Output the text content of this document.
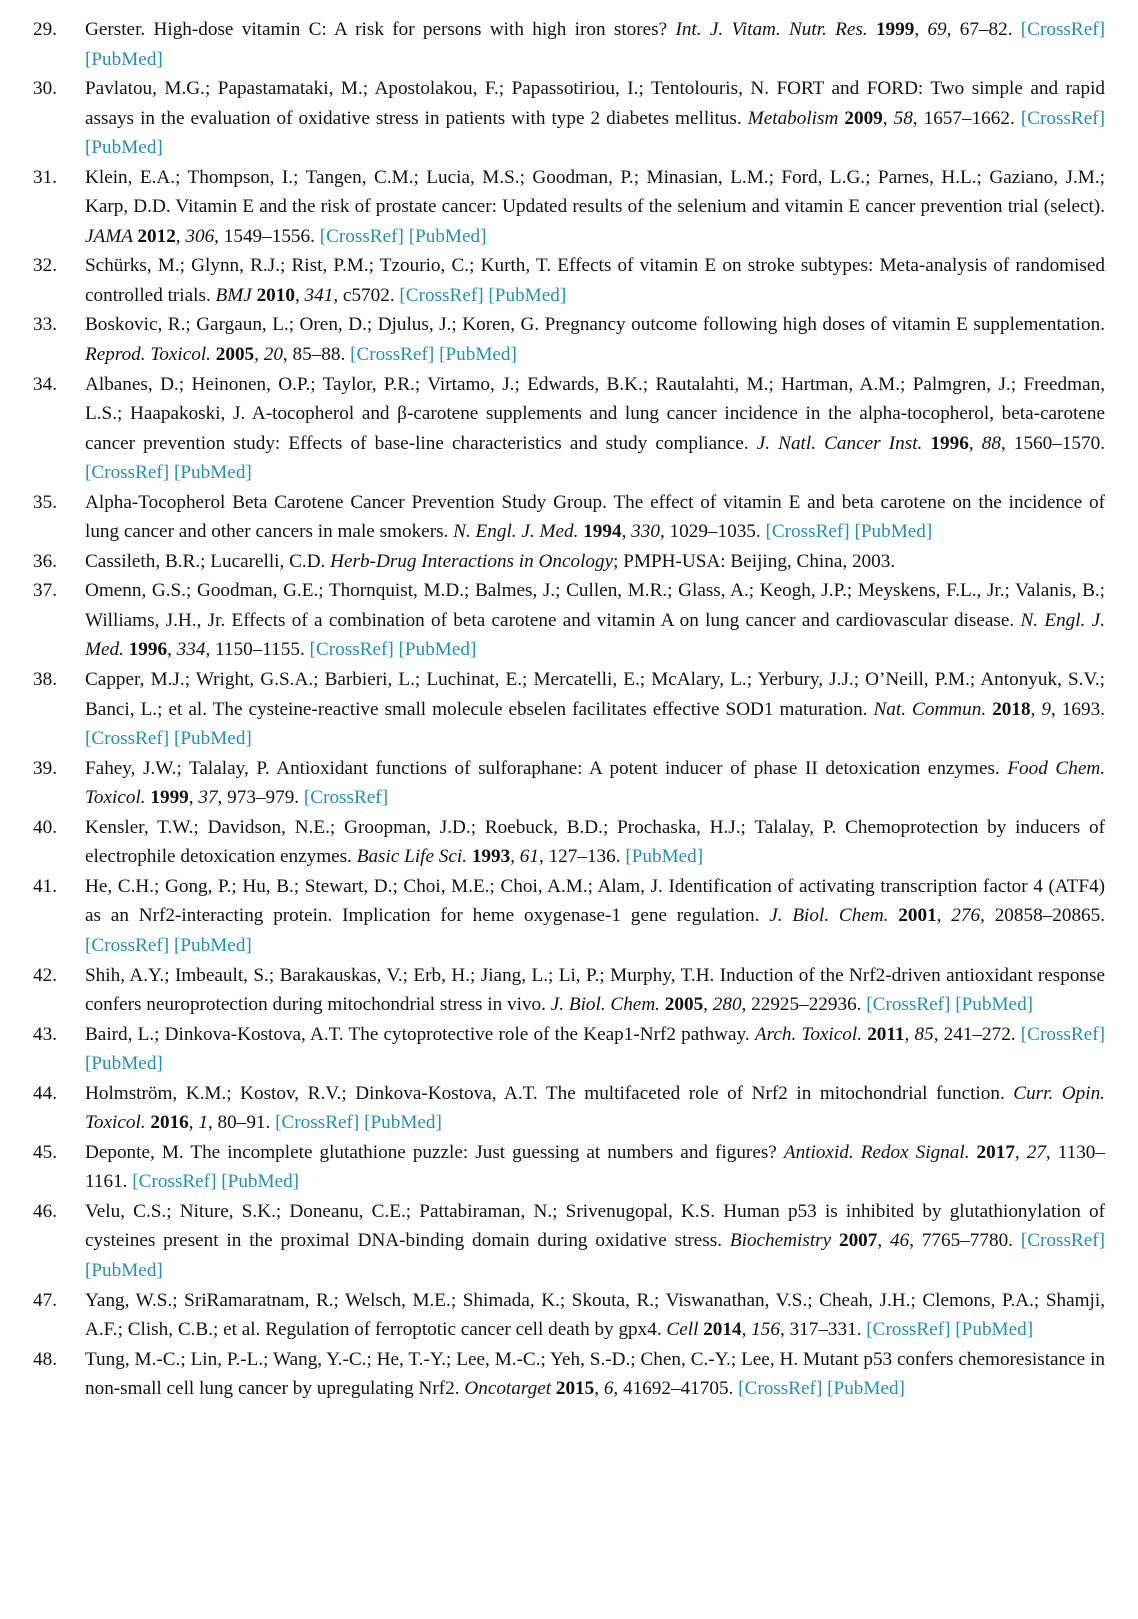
29.	Gerster. High-dose vitamin C: A risk for persons with high iron stores? Int. J. Vitam. Nutr. Res. 1999, 69, 67–82. [CrossRef] [PubMed]
30.	Pavlatou, M.G.; Papastamataki, M.; Apostolakou, F.; Papassotiriou, I.; Tentolouris, N. FORT and FORD: Two simple and rapid assays in the evaluation of oxidative stress in patients with type 2 diabetes mellitus. Metabolism 2009, 58, 1657–1662. [CrossRef] [PubMed]
31.	Klein, E.A.; Thompson, I.; Tangen, C.M.; Lucia, M.S.; Goodman, P.; Minasian, L.M.; Ford, L.G.; Parnes, H.L.; Gaziano, J.M.; Karp, D.D. Vitamin E and the risk of prostate cancer: Updated results of the selenium and vitamin E cancer prevention trial (select). JAMA 2012, 306, 1549–1556. [CrossRef] [PubMed]
32.	Schürks, M.; Glynn, R.J.; Rist, P.M.; Tzourio, C.; Kurth, T. Effects of vitamin E on stroke subtypes: Meta-analysis of randomised controlled trials. BMJ 2010, 341, c5702. [CrossRef] [PubMed]
33.	Boskovic, R.; Gargaun, L.; Oren, D.; Djulus, J.; Koren, G. Pregnancy outcome following high doses of vitamin E supplementation. Reprod. Toxicol. 2005, 20, 85–88. [CrossRef] [PubMed]
34.	Albanes, D.; Heinonen, O.P.; Taylor, P.R.; Virtamo, J.; Edwards, B.K.; Rautalahti, M.; Hartman, A.M.; Palmgren, J.; Freedman, L.S.; Haapakoski, J. A-tocopherol and β-carotene supplements and lung cancer incidence in the alpha-tocopherol, beta-carotene cancer prevention study: Effects of base-line characteristics and study compliance. J. Natl. Cancer Inst. 1996, 88, 1560–1570. [CrossRef] [PubMed]
35.	Alpha-Tocopherol Beta Carotene Cancer Prevention Study Group. The effect of vitamin E and beta carotene on the incidence of lung cancer and other cancers in male smokers. N. Engl. J. Med. 1994, 330, 1029–1035. [CrossRef] [PubMed]
36.	Cassileth, B.R.; Lucarelli, C.D. Herb-Drug Interactions in Oncology; PMPH-USA: Beijing, China, 2003.
37.	Omenn, G.S.; Goodman, G.E.; Thornquist, M.D.; Balmes, J.; Cullen, M.R.; Glass, A.; Keogh, J.P.; Meyskens, F.L., Jr.; Valanis, B.; Williams, J.H., Jr. Effects of a combination of beta carotene and vitamin A on lung cancer and cardiovascular disease. N. Engl. J. Med. 1996, 334, 1150–1155. [CrossRef] [PubMed]
38.	Capper, M.J.; Wright, G.S.A.; Barbieri, L.; Luchinat, E.; Mercatelli, E.; McAlary, L.; Yerbury, J.J.; O’Neill, P.M.; Antonyuk, S.V.; Banci, L.; et al. The cysteine-reactive small molecule ebselen facilitates effective SOD1 maturation. Nat. Commun. 2018, 9, 1693. [CrossRef] [PubMed]
39.	Fahey, J.W.; Talalay, P. Antioxidant functions of sulforaphane: A potent inducer of phase II detoxication enzymes. Food Chem. Toxicol. 1999, 37, 973–979. [CrossRef]
40.	Kensler, T.W.; Davidson, N.E.; Groopman, J.D.; Roebuck, B.D.; Prochaska, H.J.; Talalay, P. Chemoprotection by inducers of electrophile detoxication enzymes. Basic Life Sci. 1993, 61, 127–136. [PubMed]
41.	He, C.H.; Gong, P.; Hu, B.; Stewart, D.; Choi, M.E.; Choi, A.M.; Alam, J. Identification of activating transcription factor 4 (ATF4) as an Nrf2-interacting protein. Implication for heme oxygenase-1 gene regulation. J. Biol. Chem. 2001, 276, 20858–20865. [CrossRef] [PubMed]
42.	Shih, A.Y.; Imbeault, S.; Barakauskas, V.; Erb, H.; Jiang, L.; Li, P.; Murphy, T.H. Induction of the Nrf2-driven antioxidant response confers neuroprotection during mitochondrial stress in vivo. J. Biol. Chem. 2005, 280, 22925–22936. [CrossRef] [PubMed]
43.	Baird, L.; Dinkova-Kostova, A.T. The cytoprotective role of the Keap1-Nrf2 pathway. Arch. Toxicol. 2011, 85, 241–272. [CrossRef] [PubMed]
44.	Holmström, K.M.; Kostov, R.V.; Dinkova-Kostova, A.T. The multifaceted role of Nrf2 in mitochondrial function. Curr. Opin. Toxicol. 2016, 1, 80–91. [CrossRef] [PubMed]
45.	Deponte, M. The incomplete glutathione puzzle: Just guessing at numbers and figures? Antioxid. Redox Signal. 2017, 27, 1130–1161. [CrossRef] [PubMed]
46.	Velu, C.S.; Niture, S.K.; Doneanu, C.E.; Pattabiraman, N.; Srivenugopal, K.S. Human p53 is inhibited by glutathionylation of cysteines present in the proximal DNA-binding domain during oxidative stress. Biochemistry 2007, 46, 7765–7780. [CrossRef] [PubMed]
47.	Yang, W.S.; SriRamaratnam, R.; Welsch, M.E.; Shimada, K.; Skouta, R.; Viswanathan, V.S.; Cheah, J.H.; Clemons, P.A.; Shamji, A.F.; Clish, C.B.; et al. Regulation of ferroptotic cancer cell death by gpx4. Cell 2014, 156, 317–331. [CrossRef] [PubMed]
48.	Tung, M.-C.; Lin, P.-L.; Wang, Y.-C.; He, T.-Y.; Lee, M.-C.; Yeh, S.-D.; Chen, C.-Y.; Lee, H. Mutant p53 confers chemoresistance in non-small cell lung cancer by upregulating Nrf2. Oncotarget 2015, 6, 41692–41705. [CrossRef] [PubMed]
